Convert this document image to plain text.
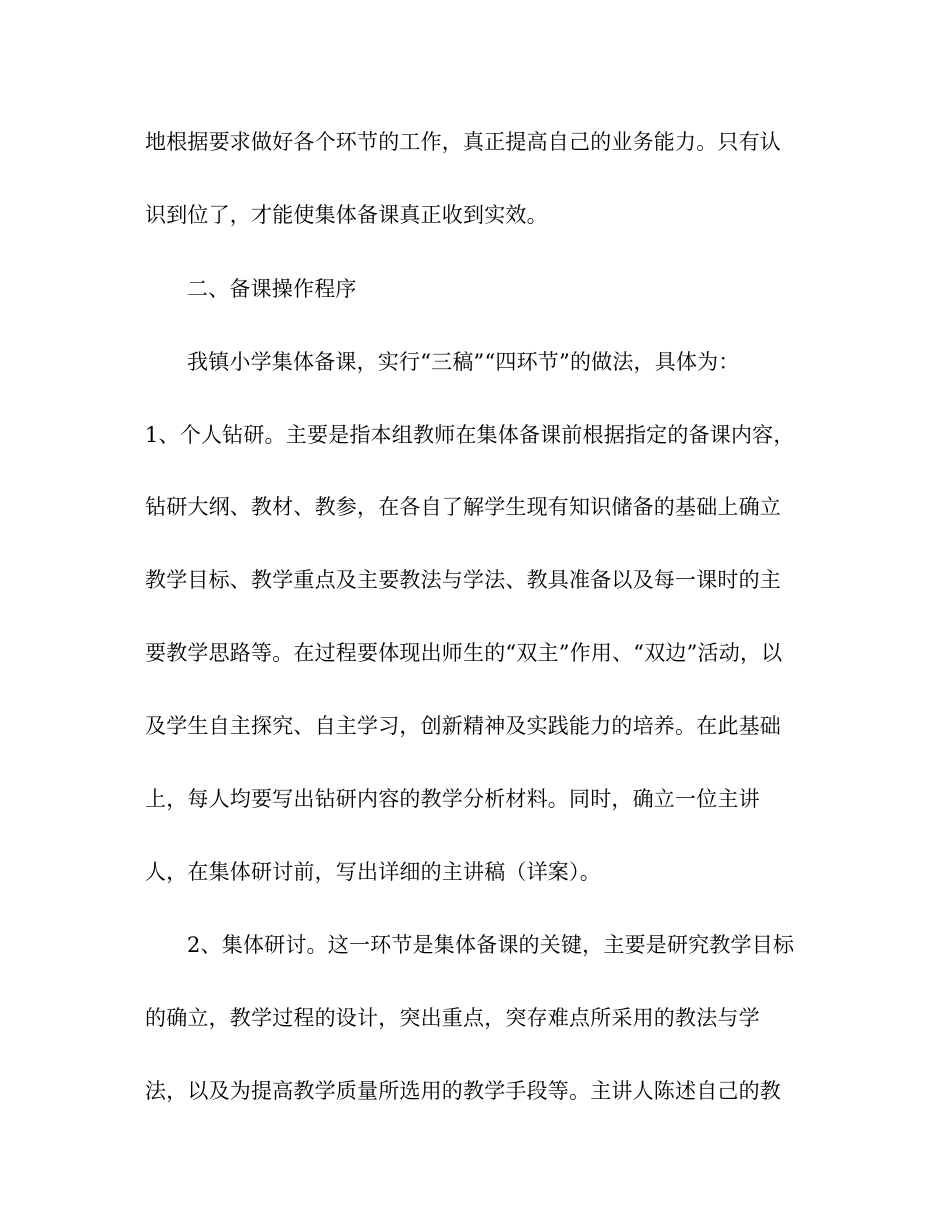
地根据要求做好各个环节的工作，真正提高自己的业务能力。只有认
识到位了，才能使集体备课真正收到实效。
二、备课操作程序
我镇小学集体备课，实行“三稿”“四环节”的做法，具体为：
1、个人钻研。主要是指本组教师在集体备课前根据指定的备课内容，
钻研大纲、教材、教参，在各自了解学生现有知识储备的基础上确立
教学目标、教学重点及主要教法与学法、教具准备以及每一课时的主
要教学思路等。在过程要体现出师生的“双主”作用、“双边”活动，以
及学生自主探究、自主学习，创新精神及实践能力的培养。在此基础
上，每人均要写出钻研内容的教学分析材料。同时，确立一位主讲
人，在集体研讨前，写出详细的主讲稿（详案）。
2、集体研讨。这一环节是集体备课的关键，主要是研究教学目标
的确立，教学过程的设计，突出重点，突存难点所采用的教法与学
法，以及为提高教学质量所选用的教学手段等。主讲人陈述自己的教
